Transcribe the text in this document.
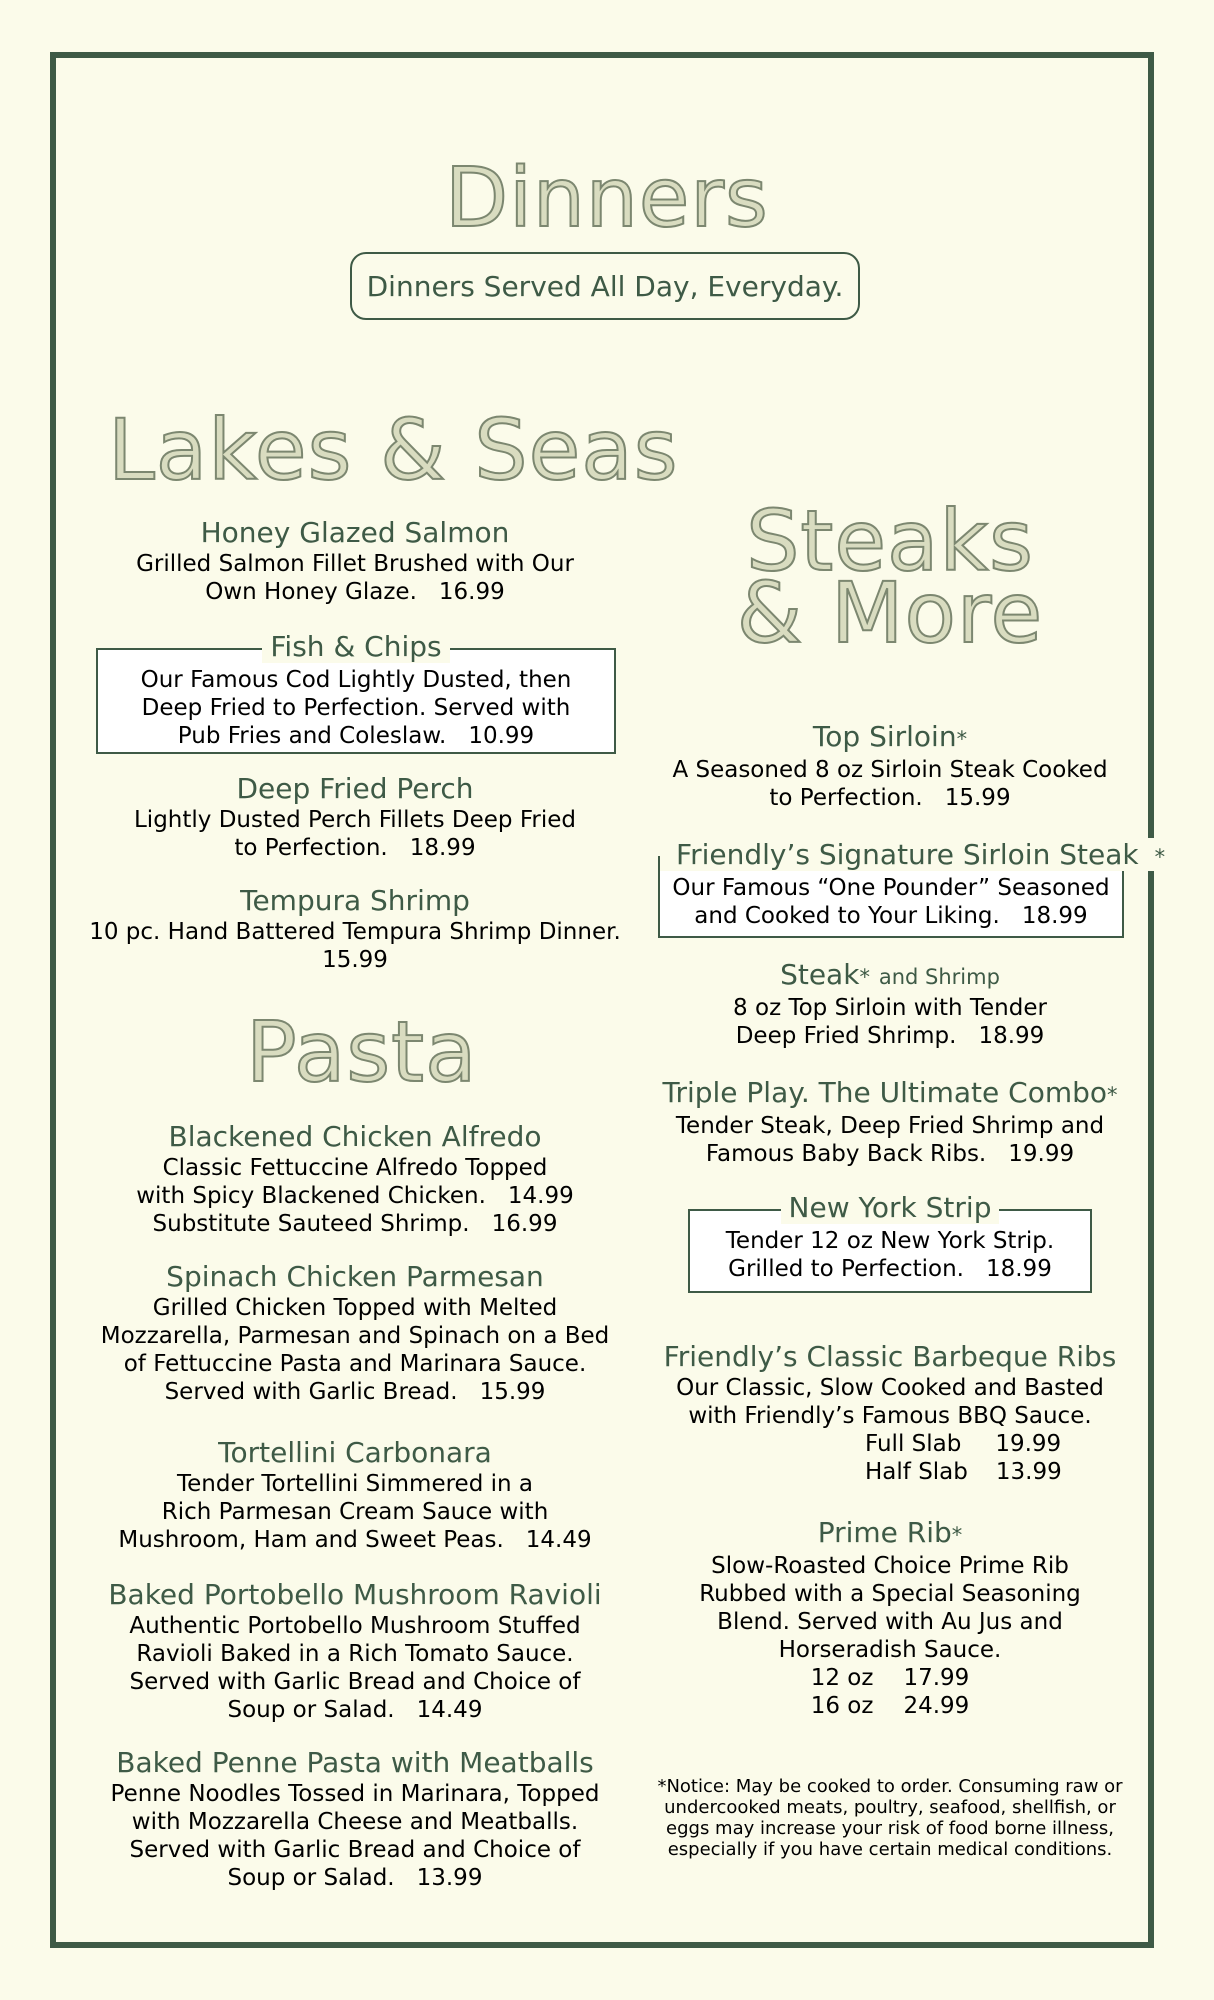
Dinners
Dinners Served All Day, Everyday.
Lakes & Seas
Steaks
& More
Pasta
Honey Glazed Salmon
Grilled Salmon Fillet Brushed with Our
Own Honey Glaze. 16.99
Fish & Chips
Our Famous Cod Lightly Dusted, then
Deep Fried to Perfection. Served with
Pub Fries and Coleslaw. 10.99
Deep Fried Perch
Lightly Dusted Perch Fillets Deep Fried
to Perfection. 18.99
Tempura Shrimp
10 pc. Hand Battered Tempura Shrimp Dinner.
15.99
Blackened Chicken Alfredo
Classic Fettuccine Alfredo Topped
with Spicy Blackened Chicken. 14.99
Substitute Sauteed Shrimp. 16.99
Spinach Chicken Parmesan
Grilled Chicken Topped with Melted
Mozzarella, Parmesan and Spinach on a Bed
of Fettuccine Pasta and Marinara Sauce.
Served with Garlic Bread. 15.99
Tortellini Carbonara
Tender Tortellini Simmered in a
Rich Parmesan Cream Sauce with
Mushroom, Ham and Sweet Peas. 14.49
Baked Portobello Mushroom Ravioli
Authentic Portobello Mushroom Stuffed
Ravioli Baked in a Rich Tomato Sauce.
Served with Garlic Bread and Choice of
Soup or Salad. 14.49
Baked Penne Pasta with Meatballs
Penne Noodles Tossed in Marinara, Topped
with Mozzarella Cheese and Meatballs.
Served with Garlic Bread and Choice of
Soup or Salad. 13.99
Top Sirloin*
A Seasoned 8 oz Sirloin Steak Cooked
to Perfection. 15.99
Friendly’s Signature Sirloin Steak *
Our Famous “One Pounder” Seasoned
and Cooked to Your Liking. 18.99
Steak* and Shrimp
8 oz Top Sirloin with Tender
Deep Fried Shrimp. 18.99
Triple Play. The Ultimate Combo*
Tender Steak, Deep Fried Shrimp and
Famous Baby Back Ribs. 19.99
New York Strip
Tender 12 oz New York Strip.
Grilled to Perfection. 18.99
Friendly’s Classic Barbeque Ribs
Our Classic, Slow Cooked and Basted
with Friendly’s Famous BBQ Sauce.
Full Slab 19.99
Half Slab 13.99
Prime Rib*
Slow-Roasted Choice Prime Rib
Rubbed with a Special Seasoning
Blend. Served with Au Jus and
Horseradish Sauce.
12 oz 17.99
16 oz 24.99
*Notice: May be cooked to order. Consuming raw or undercooked meats, poultry, seafood, shellfish, or eggs may increase your risk of food borne illness, especially if you have certain medical conditions.
